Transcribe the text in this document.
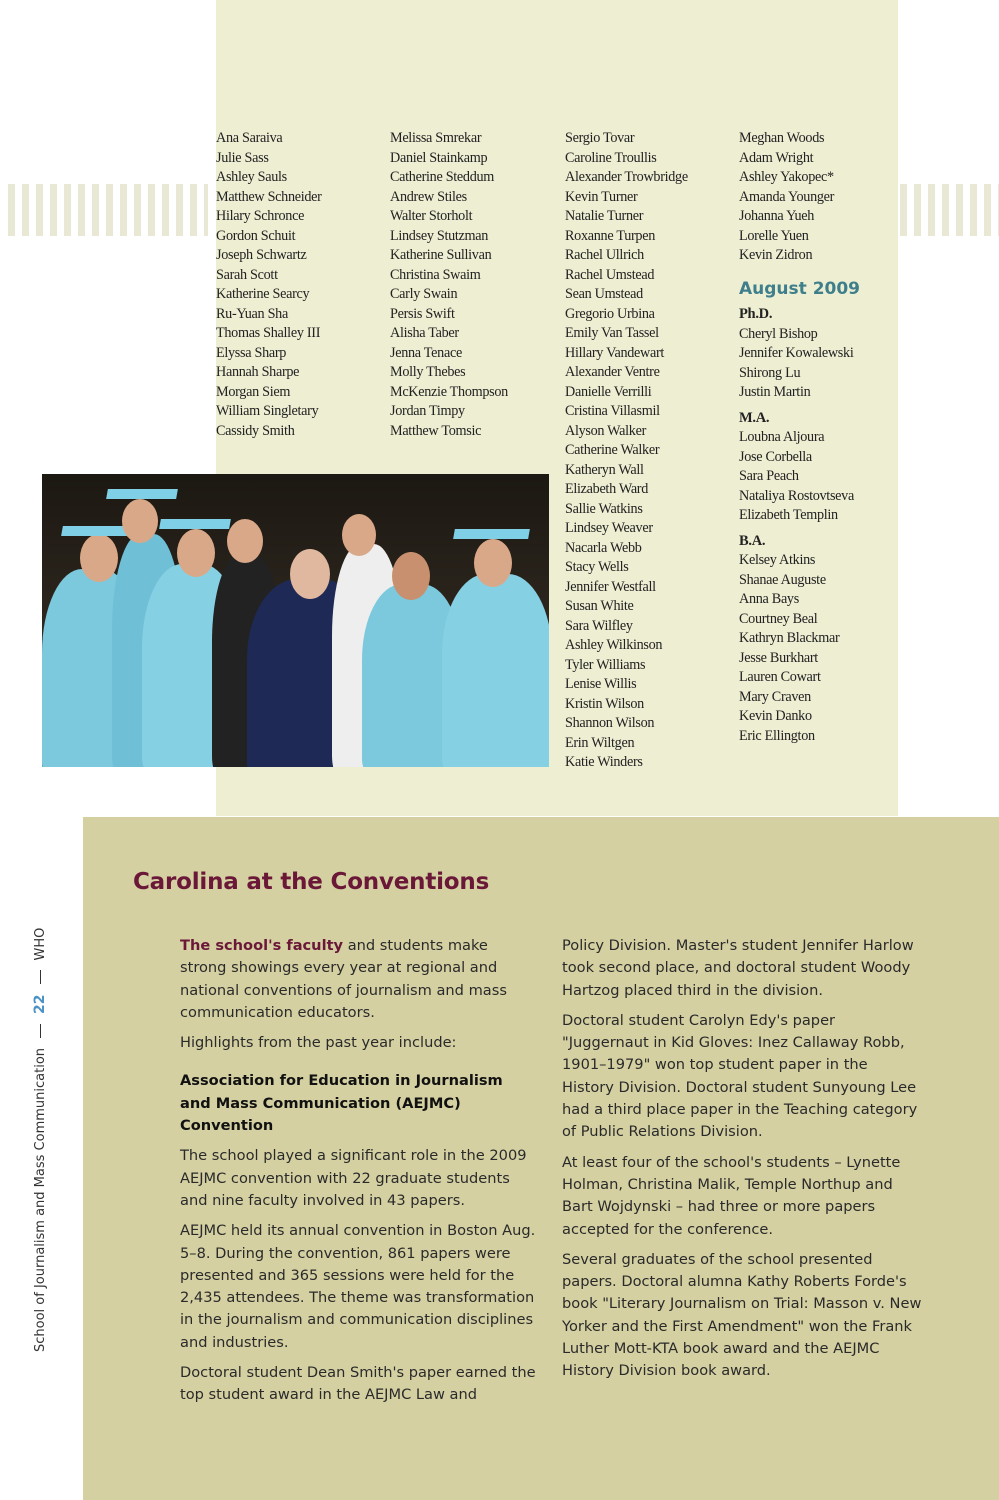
Ana Saraiva
Julie Sass
Ashley Sauls
Matthew Schneider
Hilary Schronce
Gordon Schuit
Joseph Schwartz
Sarah Scott
Katherine Searcy
Ru-Yuan Sha
Thomas Shalley III
Elyssa Sharp
Hannah Sharpe
Morgan Siem
William Singletary
Cassidy Smith
Melissa Smrekar
Daniel Stainkamp
Catherine Steddum
Andrew Stiles
Walter Storholt
Lindsey Stutzman
Katherine Sullivan
Christina Swaim
Carly Swain
Persis Swift
Alisha Taber
Jenna Tenace
Molly Thebes
McKenzie Thompson
Jordan Timpy
Matthew Tomsic
Sergio Tovar
Caroline Troullis
Alexander Trowbridge
Kevin Turner
Natalie Turner
Roxanne Turpen
Rachel Ullrich
Rachel Umstead
Sean Umstead
Gregorio Urbina
Emily Van Tassel
Hillary Vandewart
Alexander Ventre
Danielle Verrilli
Cristina Villasmil
Alyson Walker
Catherine Walker
Katheryn Wall
Elizabeth Ward
Sallie Watkins
Lindsey Weaver
Nacarla Webb
Stacy Wells
Jennifer Westfall
Susan White
Sara Wilfley
Ashley Wilkinson
Tyler Williams
Lenise Willis
Kristin Wilson
Shannon Wilson
Erin Wiltgen
Katie Winders
Meghan Woods
Adam Wright
Ashley Yakopec*
Amanda Younger
Johanna Yueh
Lorelle Yuen
Kevin Zidron
August 2009
Ph.D.
Cheryl Bishop
Jennifer Kowalewski
Shirong Lu
Justin Martin
M.A.
Loubna Aljoura
Jose Corbella
Sara Peach
Nataliya Rostovtseva
Elizabeth Templin
B.A.
Kelsey Atkins
Shanae Auguste
Anna Bays
Courtney Beal
Kathryn Blackmar
Jesse Burkhart
Lauren Cowart
Mary Craven
Kevin Danko
Eric Ellington
School of Journalism and Mass Communication
22
WHO
Carolina at the Conventions

The school's faculty and students make strong showings every year at regional and national conventions of journalism and mass communication educators.

Highlights from the past year include:

Association for Education in Journalism and Mass Communication (AEJMC) Convention

The school played a significant role in the 2009 AEJMC convention with 22 graduate students and nine faculty involved in 43 papers.

AEJMC held its annual convention in Boston Aug. 5–8. During the convention, 861 papers were presented and 365 sessions were held for the 2,435 attendees. The theme was transformation in the journalism and communication disciplines and industries.

Doctoral student Dean Smith's paper earned the top student award in the AEJMC Law and

Policy Division. Master's student Jennifer Harlow took second place, and doctoral student Woody Hartzog placed third in the division.

Doctoral student Carolyn Edy's paper "Juggernaut in Kid Gloves: Inez Callaway Robb, 1901–1979" won top student paper in the History Division. Doctoral student Sunyoung Lee had a third place paper in the Teaching category of Public Relations Division.

At least four of the school's students – Lynette Holman, Christina Malik, Temple Northup and Bart Wojdynski – had three or more papers accepted for the conference.

Several graduates of the school presented papers. Doctoral alumna Kathy Roberts Forde's book "Literary Journalism on Trial: Masson v. New Yorker and the First Amendment" won the Frank Luther Mott-KTA book award and the AEJMC History Division book award.
